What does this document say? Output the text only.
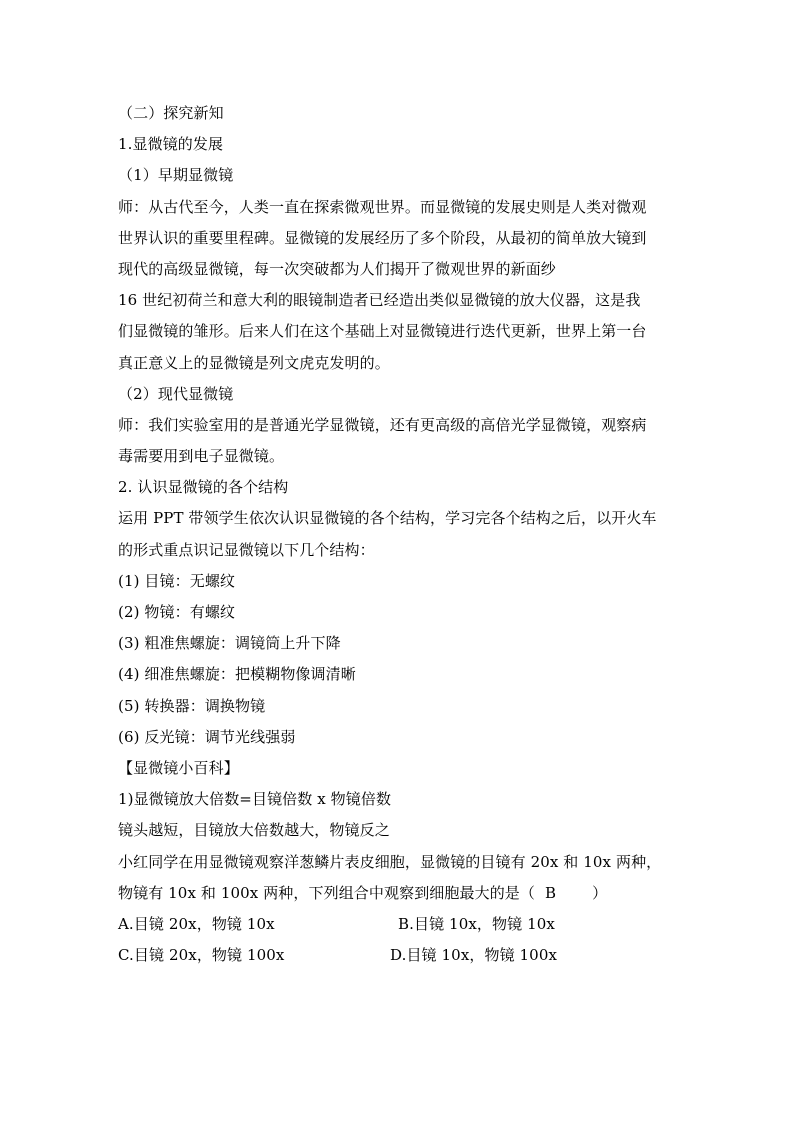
（二）探究新知
1.显微镜的发展
（1）早期显微镜
师：从古代至今，人类一直在探索微观世界。而显微镜的发展史则是人类对微观
世界认识的重要里程碑。显微镜的发展经历了多个阶段，从最初的简单放大镜到
现代的高级显微镜，每一次突破都为人们揭开了微观世界的新面纱
16 世纪初荷兰和意大利的眼镜制造者已经造出类似显微镜的放大仪器，这是我
们显微镜的雏形。后来人们在这个基础上对显微镜进行迭代更新，世界上第一台
真正意义上的显微镜是列文虎克发明的。
（2）现代显微镜
师：我们实验室用的是普通光学显微镜，还有更高级的高倍光学显微镜，观察病
毒需要用到电子显微镜。
2. 认识显微镜的各个结构
运用 PPT 带领学生依次认识显微镜的各个结构，学习完各个结构之后，以开火车
的形式重点识记显微镜以下几个结构：
(1) 目镜：无螺纹
(2) 物镜：有螺纹
(3) 粗准焦螺旋：调镜筒上升下降
(4) 细准焦螺旋：把模糊物像调清晰
(5) 转换器：调换物镜
(6) 反光镜：调节光线强弱
【显微镜小百科】
1)显微镜放大倍数=目镜倍数 x 物镜倍数
镜头越短，目镜放大倍数越大，物镜反之
小红同学在用显微镜观察洋葱鳞片表皮细胞，显微镜的目镜有 20x 和 10x 两种，
物镜有 10x 和 100x 两种，下列组合中观察到细胞最大的是（ B ）
A.目镜 20x，物镜 10x	B.目镜 10x，物镜 10x
C.目镜 20x，物镜 100x	D.目镜 10x，物镜 100x
